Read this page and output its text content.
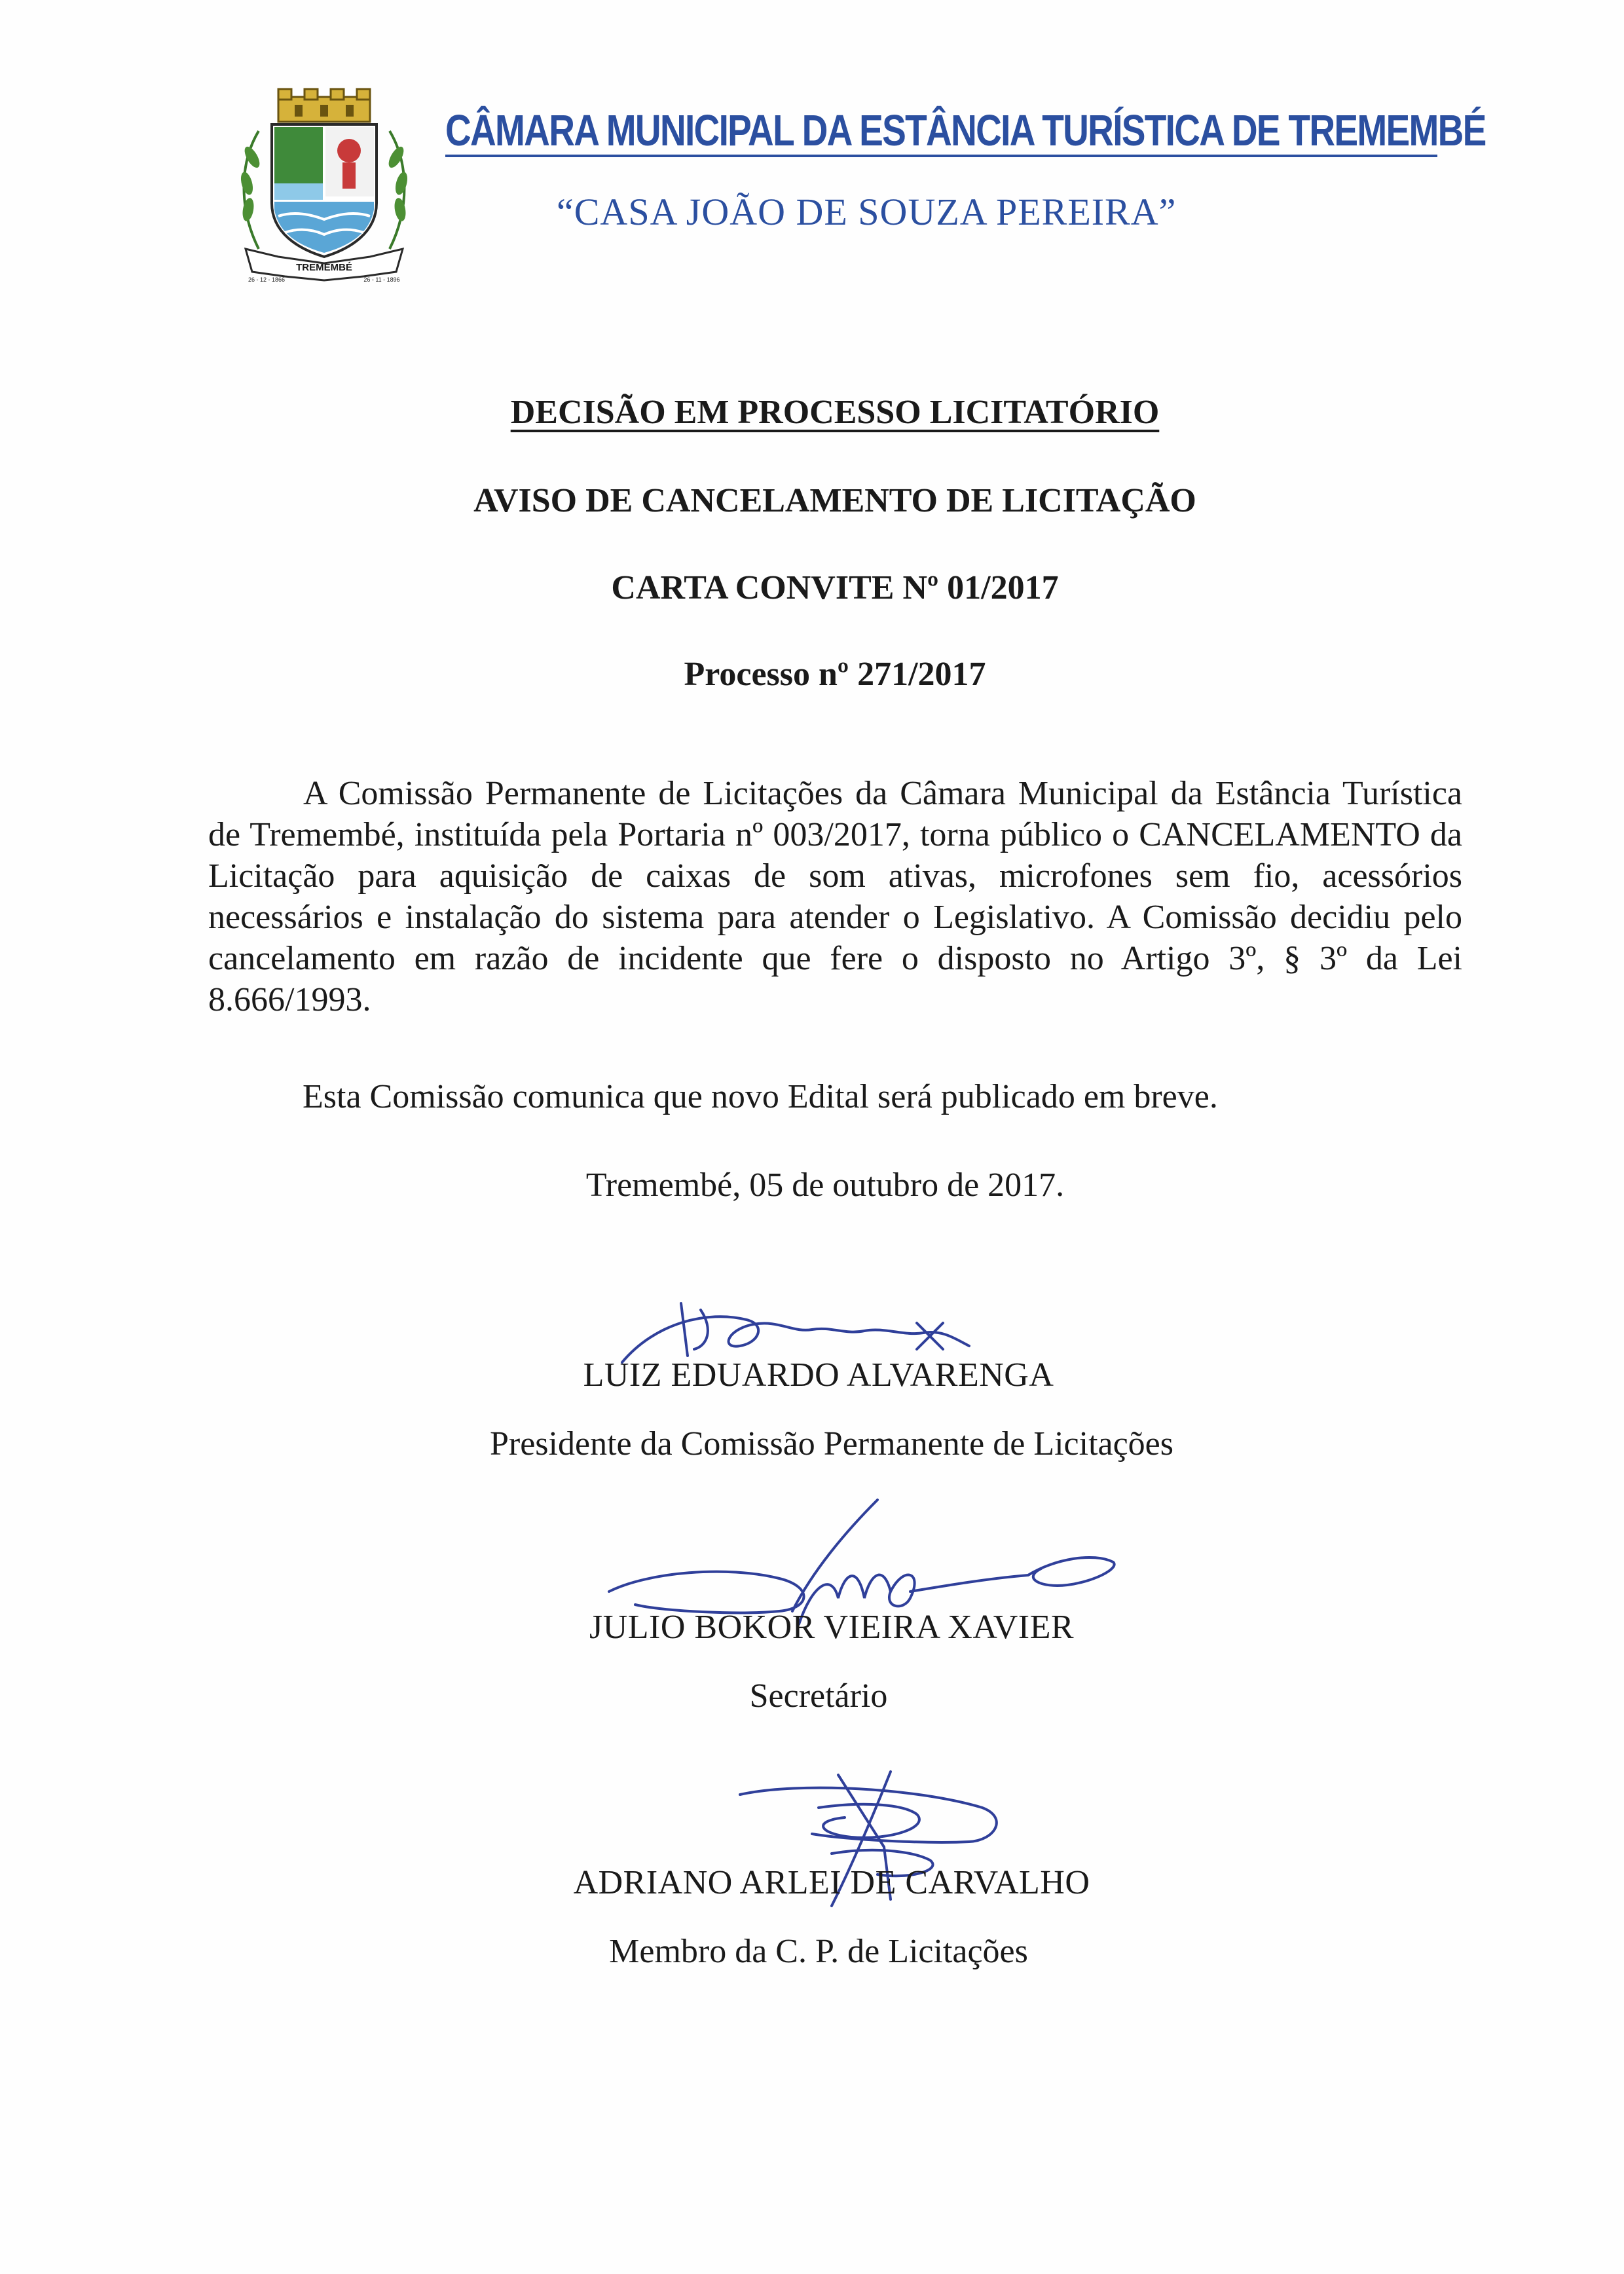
TREMEMBÉ
26 - 12 - 1866	26 - 11 - 1896
CÂMARA MUNICIPAL DA ESTÂNCIA TURÍSTICA DE TREMEMBÉ
“CASA JOÃO DE SOUZA PEREIRA”
DECISÃO EM PROCESSO LICITATÓRIO
AVISO DE CANCELAMENTO DE LICITAÇÃO
CARTA CONVITE Nº 01/2017
Processo nº 271/2017
A Comissão Permanente de Licitações da Câmara Municipal da Estância Turística de Tremembé, instituída pela Portaria nº 003/2017, torna público o CANCELAMENTO da Licitação para aquisição de caixas de som ativas, microfones sem fio, acessórios necessários e instalação do sistema para atender o Legislativo. A Comissão decidiu pelo cancelamento em razão de incidente que fere o disposto no Artigo 3º, § 3º da Lei 8.666/1993.
Esta Comissão comunica que novo Edital será publicado em breve.
Tremembé, 05 de outubro de 2017.
LUIZ EDUARDO ALVARENGA
Presidente da Comissão Permanente de Licitações
JULIO BOKOR VIEIRA XAVIER
Secretário
ADRIANO ARLEI DE CARVALHO
Membro da C. P. de Licitações
